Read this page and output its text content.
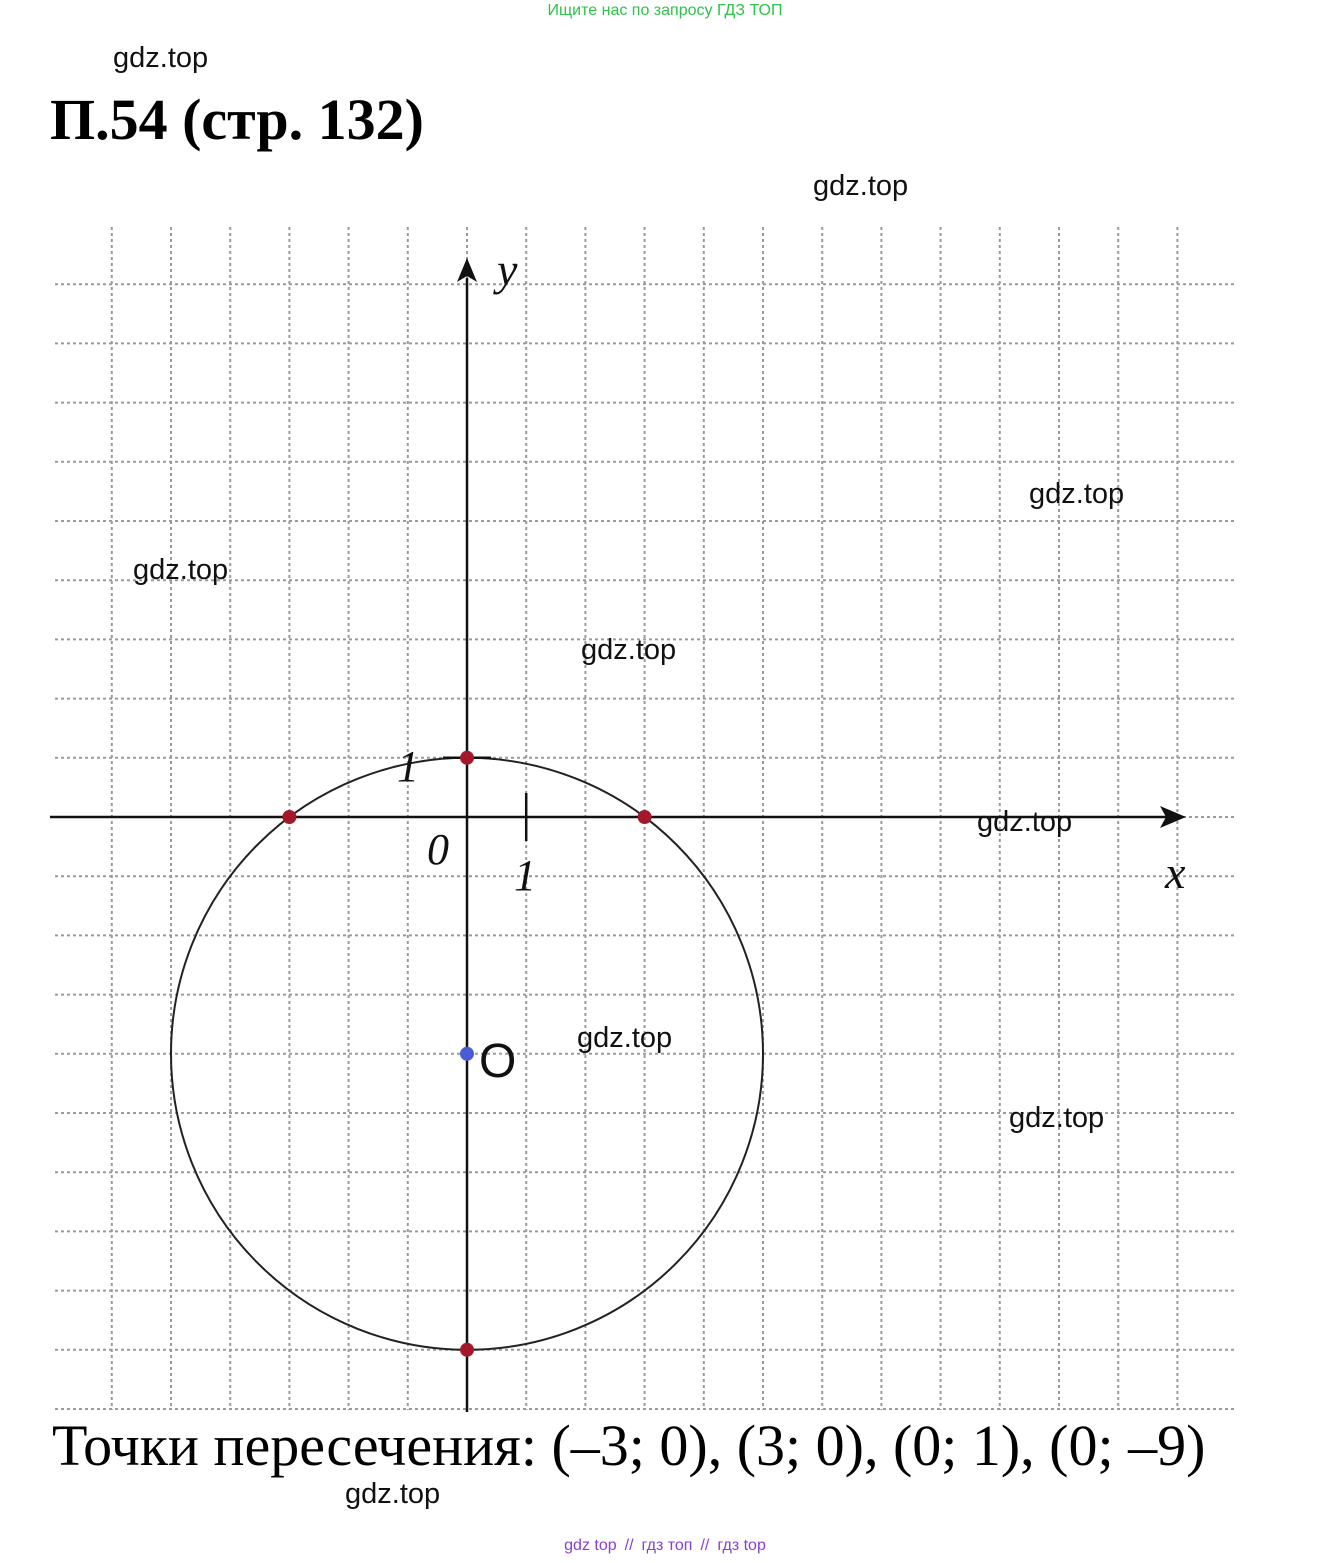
Ищите нас по запросу ГДЗ ТОП
gdz.top
П.54 (стр. 132)
gdz.top
y
x
0
1
1
O
gdz.top
gdz.top
gdz.top
gdz.top
gdz.top
gdz.top

Точки пересечения: (–3; 0), (3; 0), (0; 1), (0; –9)

gdz.top
gdz top // гдз топ // гдз top
